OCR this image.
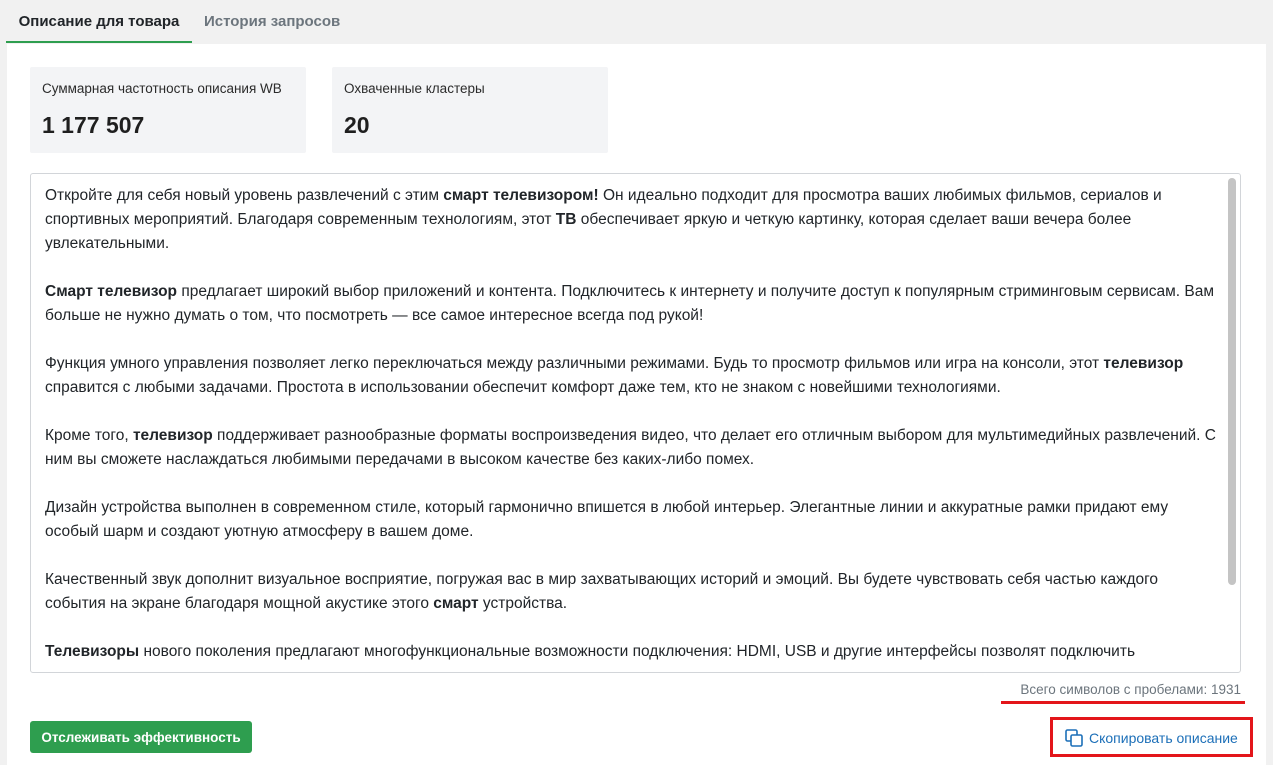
Описание для товара	История запросов
Суммарная частотность описания WB
1 177 507
Охваченные кластеры
20

Откройте для себя новый уровень развлечений с этим смарт телевизором! Он идеально подходит для просмотра ваших любимых фильмов, сериалов и спортивных мероприятий. Благодаря современным технологиям, этот ТВ обеспечивает яркую и четкую картинку, которая сделает ваши вечера более увлекательными.

Смарт телевизор предлагает широкий выбор приложений и контента. Подключитесь к интернету и получите доступ к популярным стриминговым сервисам. Вам больше не нужно думать о том, что посмотреть — все самое интересное всегда под рукой!

Функция умного управления позволяет легко переключаться между различными режимами. Будь то просмотр фильмов или игра на консоли, этот телевизор справится с любыми задачами. Простота в использовании обеспечит комфорт даже тем, кто не знаком с новейшими технологиями.

Кроме того, телевизор поддерживает разнообразные форматы воспроизведения видео, что делает его отличным выбором для мультимедийных развлечений. С ним вы сможете наслаждаться любимыми передачами в высоком качестве без каких-либо помех.

Дизайн устройства выполнен в современном стиле, который гармонично впишется в любой интерьер. Элегантные линии и аккуратные рамки придают ему особый шарм и создают уютную атмосферу в вашем доме.

Качественный звук дополнит визуальное восприятие, погружая вас в мир захватывающих историй и эмоций. Вы будете чувствовать себя частью каждого события на экране благодаря мощной акустике этого смарт устройства.

Телевизоры нового поколения предлагают многофункциональные возможности подключения: HDMI, USB и другие интерфейсы позволят подключить

Всего символов с пробелами: 1931
Отслеживать эффективность	Скопировать описание
